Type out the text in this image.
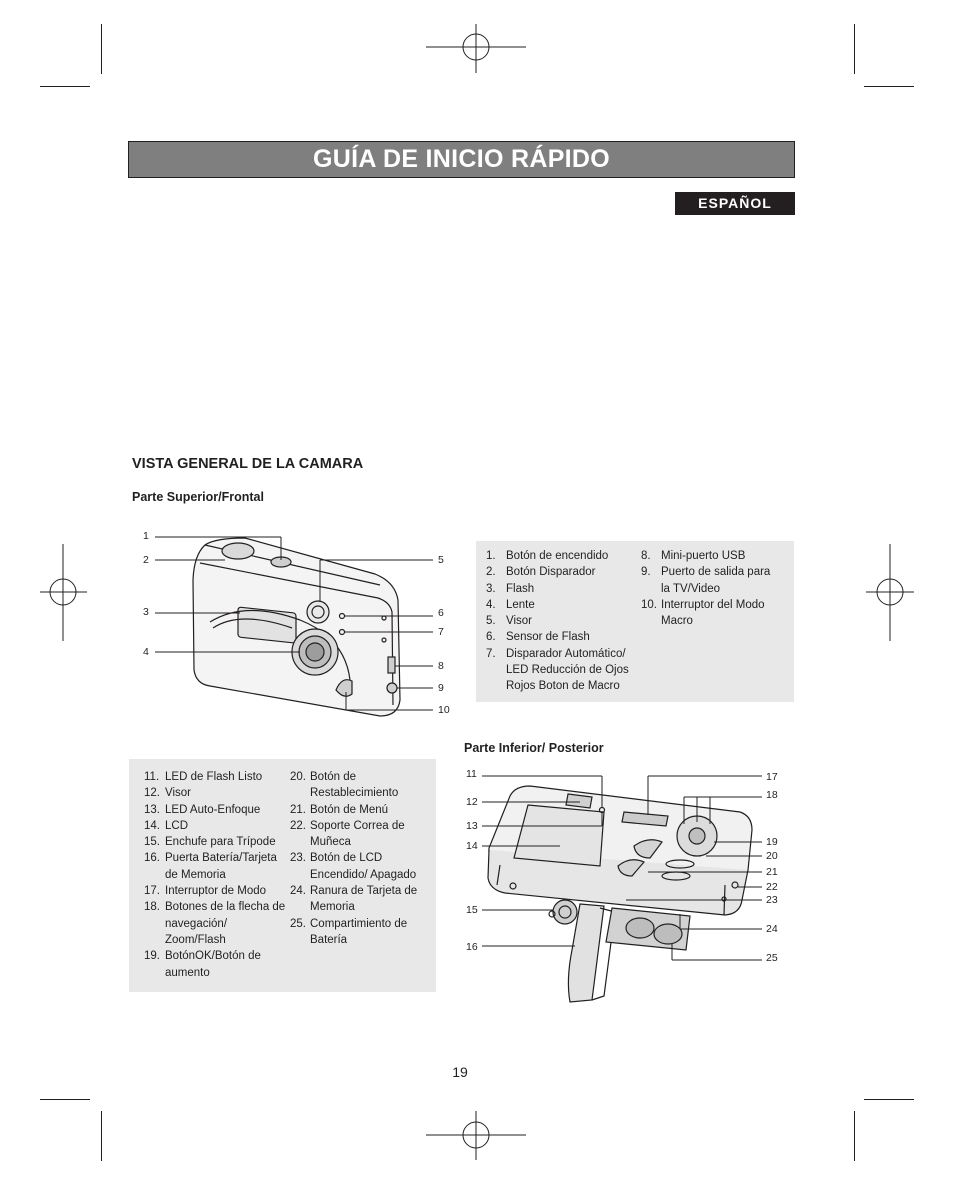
GUÍA DE INICIO RÁPIDO
ESPAÑOL
VISTA GENERAL DE LA CAMARA
Parte Superior/Frontal
1
2
3
4
5
6
7
8
9
10
1. Botón de encendido
2. Botón Disparador
3. Flash
4. Lente
5. Visor
6. Sensor de Flash
7. Disparador Automático/ LED Reducción de Ojos Rojos Boton de Macro
8. Mini-puerto USB
9. Puerto de salida para la TV/Video
10. Interruptor del Modo Macro
Parte Inferior/ Posterior
11. LED de Flash Listo
12. Visor
13. LED Auto-Enfoque
14. LCD
15. Enchufe para Trípode
16. Puerta Batería/Tarjeta de Memoria
17. Interruptor de Modo
18. Botones de la flecha de navegación/ Zoom/Flash
19. BotónOK/Botón de aumento
20. Botón de Restablecimiento
21. Botón de Menú
22. Soporte Correa de Muñeca
23. Botón de LCD Encendido/ Apagado
24. Ranura de Tarjeta de Memoria
25. Compartimiento de Batería
11
12
13
14
15
16
17
18
19
20
21
22
23
24
25
19
